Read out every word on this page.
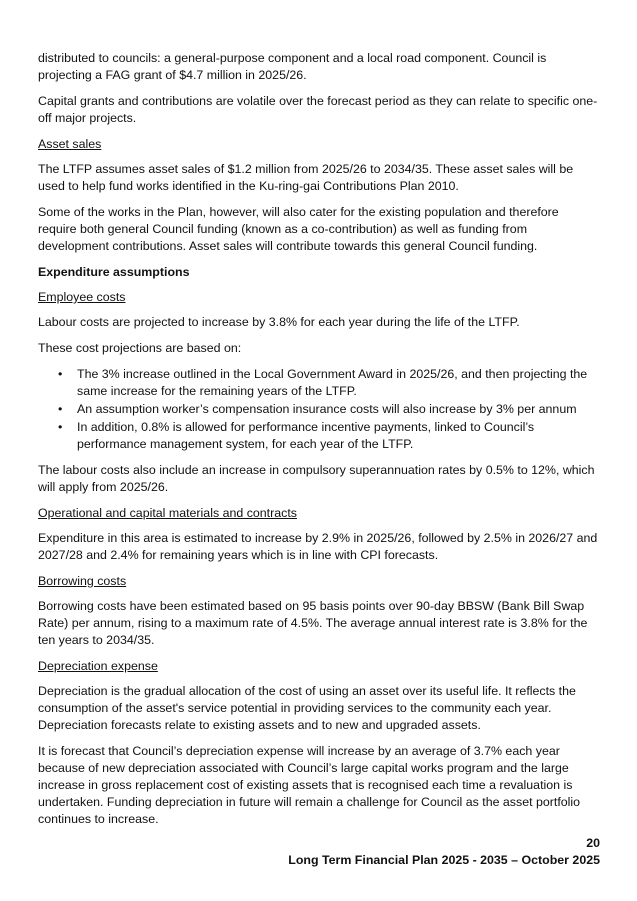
distributed to councils: a general-purpose component and a local road component. Council is projecting a FAG grant of $4.7 million in 2025/26.

Capital grants and contributions are volatile over the forecast period as they can relate to specific one-off major projects.

Asset sales

The LTFP assumes asset sales of $1.2 million from 2025/26 to 2034/35. These asset sales will be used to help fund works identified in the Ku-ring-gai Contributions Plan 2010.

Some of the works in the Plan, however, will also cater for the existing population and therefore require both general Council funding (known as a co-contribution) as well as funding from development contributions. Asset sales will contribute towards this general Council funding.

Expenditure assumptions

Employee costs

Labour costs are projected to increase by 3.8% for each year during the life of the LTFP.

These cost projections are based on:

• The 3% increase outlined in the Local Government Award in 2025/26, and then projecting the same increase for the remaining years of the LTFP.
• An assumption worker’s compensation insurance costs will also increase by 3% per annum
• In addition, 0.8% is allowed for performance incentive payments, linked to Council’s performance management system, for each year of the LTFP.

The labour costs also include an increase in compulsory superannuation rates by 0.5% to 12%, which will apply from 2025/26.

Operational and capital materials and contracts

Expenditure in this area is estimated to increase by 2.9% in 2025/26, followed by 2.5% in 2026/27 and 2027/28 and 2.4% for remaining years which is in line with CPI forecasts.

Borrowing costs

Borrowing costs have been estimated based on 95 basis points over 90-day BBSW (Bank Bill Swap Rate) per annum, rising to a maximum rate of 4.5%. The average annual interest rate is 3.8% for the ten years to 2034/35.

Depreciation expense

Depreciation is the gradual allocation of the cost of using an asset over its useful life. It reflects the consumption of the asset's service potential in providing services to the community each year. Depreciation forecasts relate to existing assets and to new and upgraded assets.

It is forecast that Council’s depreciation expense will increase by an average of 3.7% each year because of new depreciation associated with Council’s large capital works program and the large increase in gross replacement cost of existing assets that is recognised each time a revaluation is undertaken. Funding depreciation in future will remain a challenge for Council as the asset portfolio continues to increase.

20
Long Term Financial Plan 2025 - 2035 – October 2025
